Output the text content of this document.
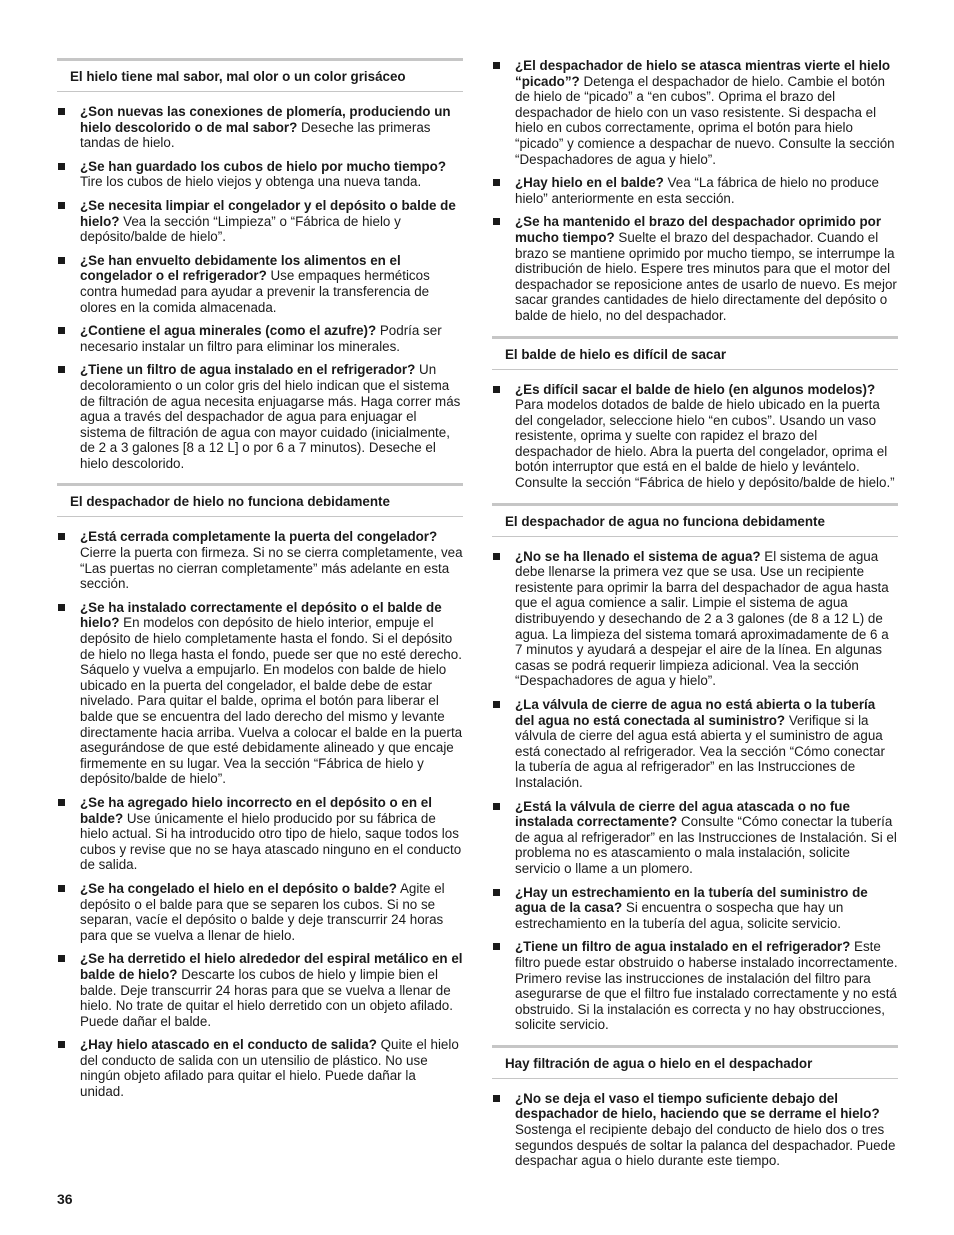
El hielo tiene mal sabor, mal olor o un color grisáceo
¿Son nuevas las conexiones de plomería, produciendo un hielo descolorido o de mal sabor? Deseche las primeras tandas de hielo.
¿Se han guardado los cubos de hielo por mucho tiempo? Tire los cubos de hielo viejos y obtenga una nueva tanda.
¿Se necesita limpiar el congelador y el depósito o balde de hielo? Vea la sección “Limpieza” o “Fábrica de hielo y depósito/balde de hielo”.
¿Se han envuelto debidamente los alimentos en el congelador o el refrigerador? Use empaques herméticos contra humedad para ayudar a prevenir la transferencia de olores en la comida almacenada.
¿Contiene el agua minerales (como el azufre)? Podría ser necesario instalar un filtro para eliminar los minerales.
¿Tiene un filtro de agua instalado en el refrigerador? Un decoloramiento o un color gris del hielo indican que el sistema de filtración de agua necesita enjuagarse más. Haga correr más agua a través del despachador de agua para enjuagar el sistema de filtración de agua con mayor cuidado (inicialmente, de 2 a 3 galones [8 a 12 L] o por 6 a 7 minutos). Deseche el hielo descolorido.
El despachador de hielo no funciona debidamente
¿Está cerrada completamente la puerta del congelador? Cierre la puerta con firmeza. Si no se cierra completamente, vea “Las puertas no cierran completamente” más adelante en esta sección.
¿Se ha instalado correctamente el depósito o el balde de hielo? En modelos con depósito de hielo interior, empuje el depósito de hielo completamente hasta el fondo. Si el depósito de hielo no llega hasta el fondo, puede ser que no esté derecho. Sáquelo y vuelva a empujarlo. En modelos con balde de hielo ubicado en la puerta del congelador, el balde debe de estar nivelado. Para quitar el balde, oprima el botón para liberar el balde que se encuentra del lado derecho del mismo y levante directamente hacia arriba. Vuelva a colocar el balde en la puerta asegurándose de que esté debidamente alineado y que encaje firmemente en su lugar. Vea la sección “Fábrica de hielo y depósito/balde de hielo”.
¿Se ha agregado hielo incorrecto en el depósito o en el balde? Use únicamente el hielo producido por su fábrica de hielo actual. Si ha introducido otro tipo de hielo, saque todos los cubos y revise que no se haya atascado ninguno en el conducto de salida.
¿Se ha congelado el hielo en el depósito o balde? Agite el depósito o el balde para que se separen los cubos. Si no se separan, vacíe el depósito o balde y deje transcurrir 24 horas para que se vuelva a llenar de hielo.
¿Se ha derretido el hielo alrededor del espiral metálico en el balde de hielo? Descarte los cubos de hielo y limpie bien el balde. Deje transcurrir 24 horas para que se vuelva a llenar de hielo. No trate de quitar el hielo derretido con un objeto afilado. Puede dañar el balde.
¿Hay hielo atascado en el conducto de salida? Quite el hielo del conducto de salida con un utensilio de plástico. No use ningún objeto afilado para quitar el hielo. Puede dañar la unidad.
¿El despachador de hielo se atasca mientras vierte el hielo “picado”? Detenga el despachador de hielo. Cambie el botón de hielo de “picado” a “en cubos”. Oprima el brazo del despachador de hielo con un vaso resistente. Si despacha el hielo en cubos correctamente, oprima el botón para hielo “picado” y comience a despachar de nuevo. Consulte la sección “Despachadores de agua y hielo”.
¿Hay hielo en el balde? Vea “La fábrica de hielo no produce hielo” anteriormente en esta sección.
¿Se ha mantenido el brazo del despachador oprimido por mucho tiempo? Suelte el brazo del despachador. Cuando el brazo se mantiene oprimido por mucho tiempo, se interrumpe la distribución de hielo. Espere tres minutos para que el motor del despachador se reposicione antes de usarlo de nuevo. Es mejor sacar grandes cantidades de hielo directamente del depósito o balde de hielo, no del despachador.
El balde de hielo es difícil de sacar
¿Es difícil sacar el balde de hielo (en algunos modelos)? Para modelos dotados de balde de hielo ubicado en la puerta del congelador, seleccione hielo “en cubos”. Usando un vaso resistente, oprima y suelte con rapidez el brazo del despachador de hielo. Abra la puerta del congelador, oprima el botón interruptor que está en el balde de hielo y levántelo. Consulte la sección “Fábrica de hielo y depósito/balde de hielo.”
El despachador de agua no funciona debidamente
¿No se ha llenado el sistema de agua? El sistema de agua debe llenarse la primera vez que se usa. Use un recipiente resistente para oprimir la barra del despachador de agua hasta que el agua comience a salir. Limpie el sistema de agua distribuyendo y desechando de 2 a 3 galones (de 8 a 12 L) de agua. La limpieza del sistema tomará aproximadamente de 6 a 7 minutos y ayudará a despejar el aire de la línea. En algunas casas se podrá requerir limpieza adicional. Vea la sección “Despachadores de agua y hielo”.
¿La válvula de cierre de agua no está abierta o la tubería del agua no está conectada al suministro? Verifique si la válvula de cierre del agua está abierta y el suministro de agua está conectado al refrigerador. Vea la sección “Cómo conectar la tubería de agua al refrigerador” en las Instrucciones de Instalación.
¿Está la válvula de cierre del agua atascada o no fue instalada correctamente? Consulte “Cómo conectar la tubería de agua al refrigerador” en las Instrucciones de Instalación. Si el problema no es atascamiento o mala instalación, solicite servicio o llame a un plomero.
¿Hay un estrechamiento en la tubería del suministro de agua de la casa? Si encuentra o sospecha que hay un estrechamiento en la tubería del agua, solicite servicio.
¿Tiene un filtro de agua instalado en el refrigerador? Este filtro puede estar obstruido o haberse instalado incorrectamente. Primero revise las instrucciones de instalación del filtro para asegurarse de que el filtro fue instalado correctamente y no está obstruido. Si la instalación es correcta y no hay obstrucciones, solicite servicio.
Hay filtración de agua o hielo en el despachador
¿No se deja el vaso el tiempo suficiente debajo del despachador de hielo, haciendo que se derrame el hielo? Sostenga el recipiente debajo del conducto de hielo dos o tres segundos después de soltar la palanca del despachador. Puede despachar agua o hielo durante este tiempo.
36
